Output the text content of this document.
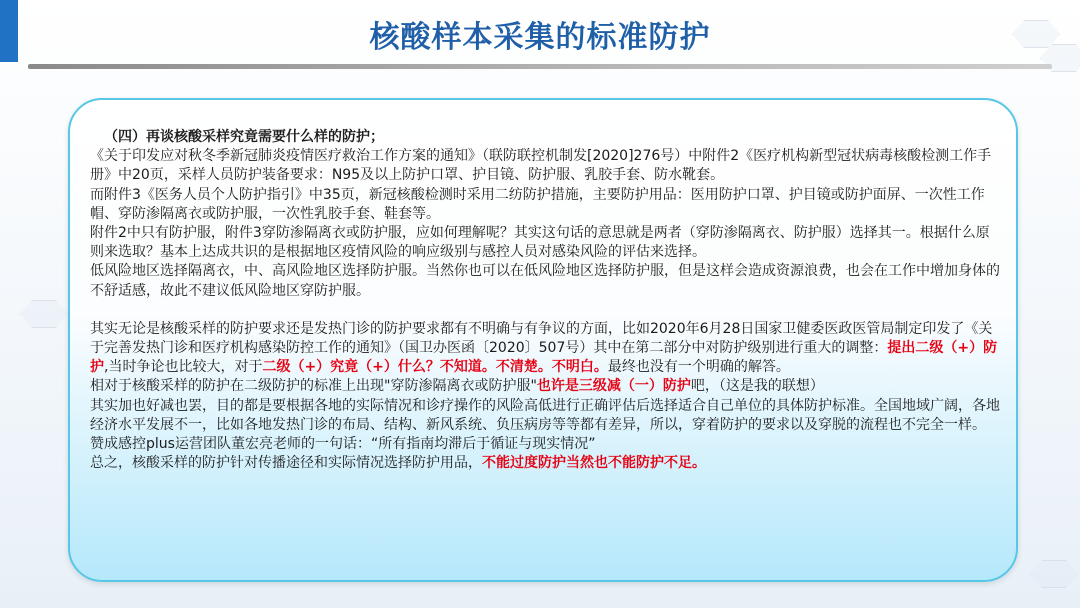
核酸样本采集的标准防护

（四）再谈核酸采样究竟需要什么样的防护；

《关于印发应对秋冬季新冠肺炎疫情医疗救治工作方案的通知》（联防联控机制发[2020]276号）中附件2《医疗机构新型冠状病毒核酸检测工作手册》中20页，采样人员防护装备要求：N95及以上防护口罩、护目镜、防护服、乳胶手套、防水靴套。

而附件3《医务人员个人防护指引》中35页，新冠核酸检测时采用二纺防护措施，主要防护用品：医用防护口罩、护目镜或防护面屏、一次性工作帽、穿防渗隔离衣或防护服，一次性乳胶手套、鞋套等。

附件2中只有防护服，附件3穿防渗隔离衣或防护服，应如何理解呢？其实这句话的意思就是两者（穿防渗隔离衣、防护服）选择其一。根据什么原则来选取？基本上达成共识的是根据地区疫情风险的响应级别与感控人员对感染风险的评估来选择。

低风险地区选择隔离衣，中、高风险地区选择防护服。当然你也可以在低风险地区选择防护服，但是这样会造成资源浪费，也会在工作中增加身体的不舒适感，故此不建议低风险地区穿防护服。

其实无论是核酸采样的防护要求还是发热门诊的防护要求都有不明确与有争议的方面，比如2020年6月28日国家卫健委医政医管局制定印发了《关于完善发热门诊和医疗机构感染防控工作的通知》（国卫办医函〔2020〕507号）其中在第二部分中对防护级别进行重大的调整：提出二级（+）防护,当时争论也比较大，对于二级（+）究竟（+）什么？不知道。不清楚。不明白。最终也没有一个明确的解答。

相对于核酸采样的防护在二级防护的标准上出现"穿防渗隔离衣或防护服"也许是三级减（一）防护吧，（这是我的联想）

其实加也好减也罢，目的都是要根据各地的实际情况和诊疗操作的风险高低进行正确评估后选择适合自己单位的具体防护标准。全国地域广阔，各地经济水平发展不一，比如各地发热门诊的布局、结构、新风系统、负压病房等等都有差异，所以，穿着防护的要求以及穿脱的流程也不完全一样。

赞成感控plus运营团队董宏亮老师的一句话：“所有指南均滞后于循证与现实情况”

总之，核酸采样的防护针对传播途径和实际情况选择防护用品，不能过度防护当然也不能防护不足。
